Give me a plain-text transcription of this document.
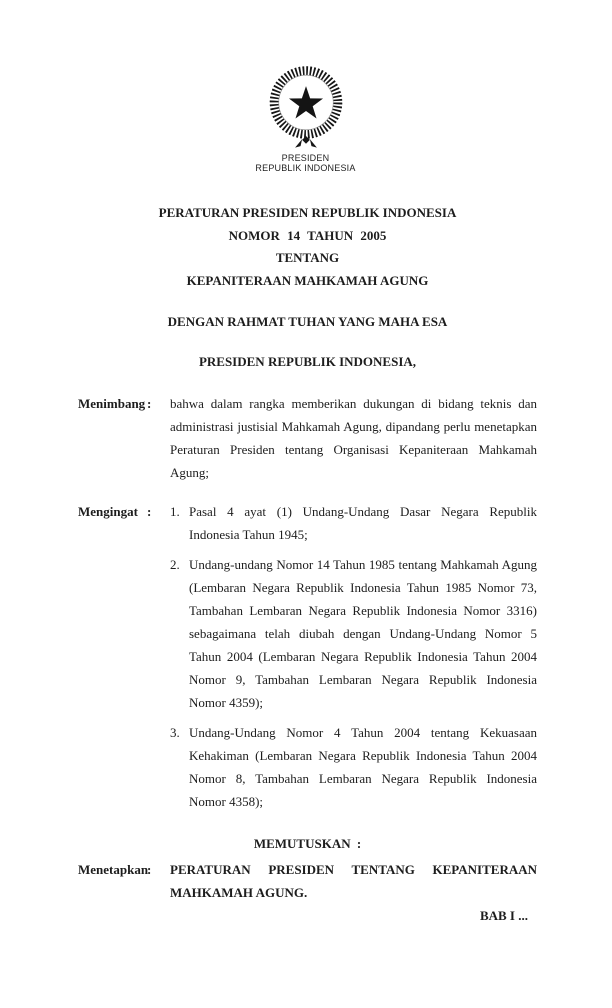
PRESIDEN
REPUBLIK INDONESIA
PERATURAN PRESIDEN REPUBLIK INDONESIA
NOMOR 14 TAHUN 2005
TENTANG
KEPANITERAAN MAHKAMAH AGUNG
DENGAN RAHMAT TUHAN YANG MAHA ESA
PRESIDEN REPUBLIK INDONESIA,
Menimbang : bahwa dalam rangka memberikan dukungan di bidang teknis dan administrasi justisial Mahkamah Agung, dipandang perlu menetapkan Peraturan Presiden tentang Organisasi Kepaniteraan Mahkamah Agung;
Mengingat : 1. Pasal 4 ayat (1) Undang-Undang Dasar Negara Republik Indonesia Tahun 1945;
2. Undang-undang Nomor 14 Tahun 1985 tentang Mahkamah Agung (Lembaran Negara Republik Indonesia Tahun 1985 Nomor 73, Tambahan Lembaran Negara Republik Indonesia Nomor 3316) sebagaimana telah diubah dengan Undang-Undang Nomor 5 Tahun 2004 (Lembaran Negara Republik Indonesia Tahun 2004 Nomor 9, Tambahan Lembaran Negara Republik Indonesia Nomor 4359);
3. Undang-Undang Nomor 4 Tahun 2004 tentang Kekuasaan Kehakiman (Lembaran Negara Republik Indonesia Tahun 2004 Nomor 8, Tambahan Lembaran Negara Republik Indonesia Nomor 4358);
MEMUTUSKAN :
Menetapkan
: PERATURAN PRESIDEN TENTANG KEPANITERAAN MAHKAMAH AGUNG.
BAB I ...
